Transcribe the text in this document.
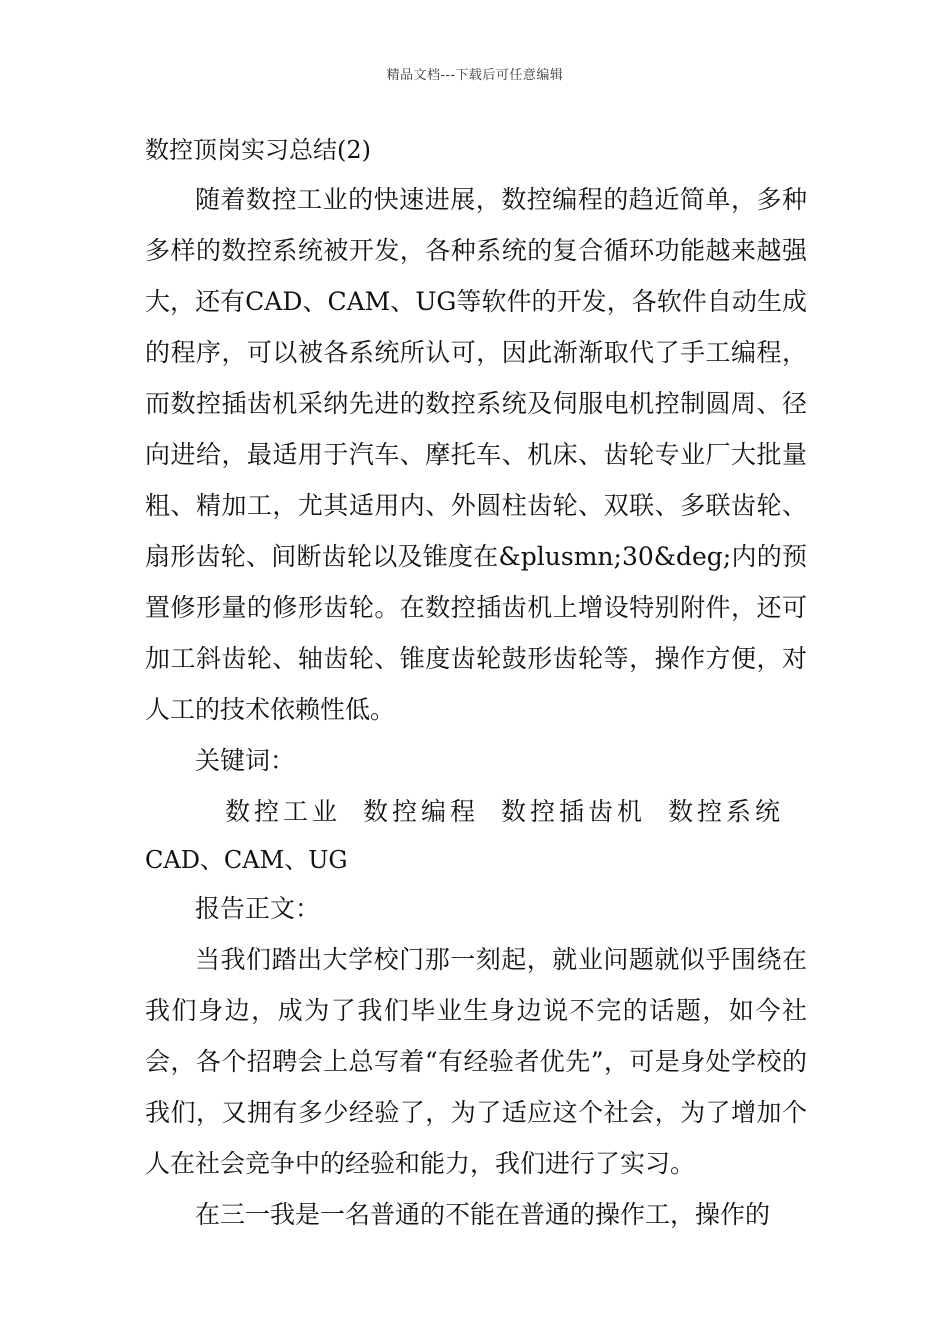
精品文档---下载后可任意编辑

数控顶岗实习总结(2)

随着数控工业的快速进展，数控编程的趋近简单，多种多样的数控系统被开发，各种系统的复合循环功能越来越强大，还有CAD、CAM、UG等软件的开发，各软件自动生成的程序，可以被各系统所认可，因此渐渐取代了手工编程，而数控插齿机采纳先进的数控系统及伺服电机控制圆周、径向进给，最适用于汽车、摩托车、机床、齿轮专业厂大批量粗、精加工，尤其适用内、外圆柱齿轮、双联、多联齿轮、扇形齿轮、间断齿轮以及锥度在&plusmn;30&deg;内的预置修形量的修形齿轮。在数控插齿机上增设特别附件，还可加工斜齿轮、轴齿轮、锥度齿轮鼓形齿轮等，操作方便，对人工的技术依赖性低。

关键词：

数控工业 数控编程 数控插齿机 数控系统

CAD、CAM、UG

报告正文：

当我们踏出大学校门那一刻起，就业问题就似乎围绕在我们身边，成为了我们毕业生身边说不完的话题，如今社会，各个招聘会上总写着“有经验者优先”，可是身处学校的我们，又拥有多少经验了，为了适应这个社会，为了增加个人在社会竞争中的经验和能力，我们进行了实习。

在三一我是一名普通的不能在普通的操作工，操作的
